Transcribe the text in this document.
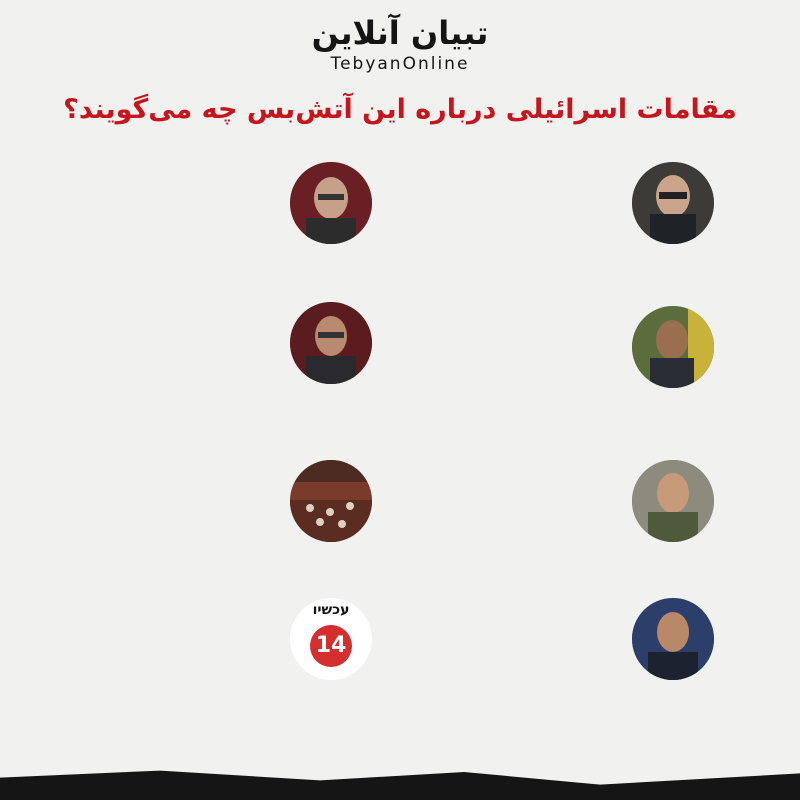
تبیان آنلاین
TebyanOnline
مقامات اسرائیلی درباره این آتش‌بس چه می‌گویند؟
עכשיו
14
